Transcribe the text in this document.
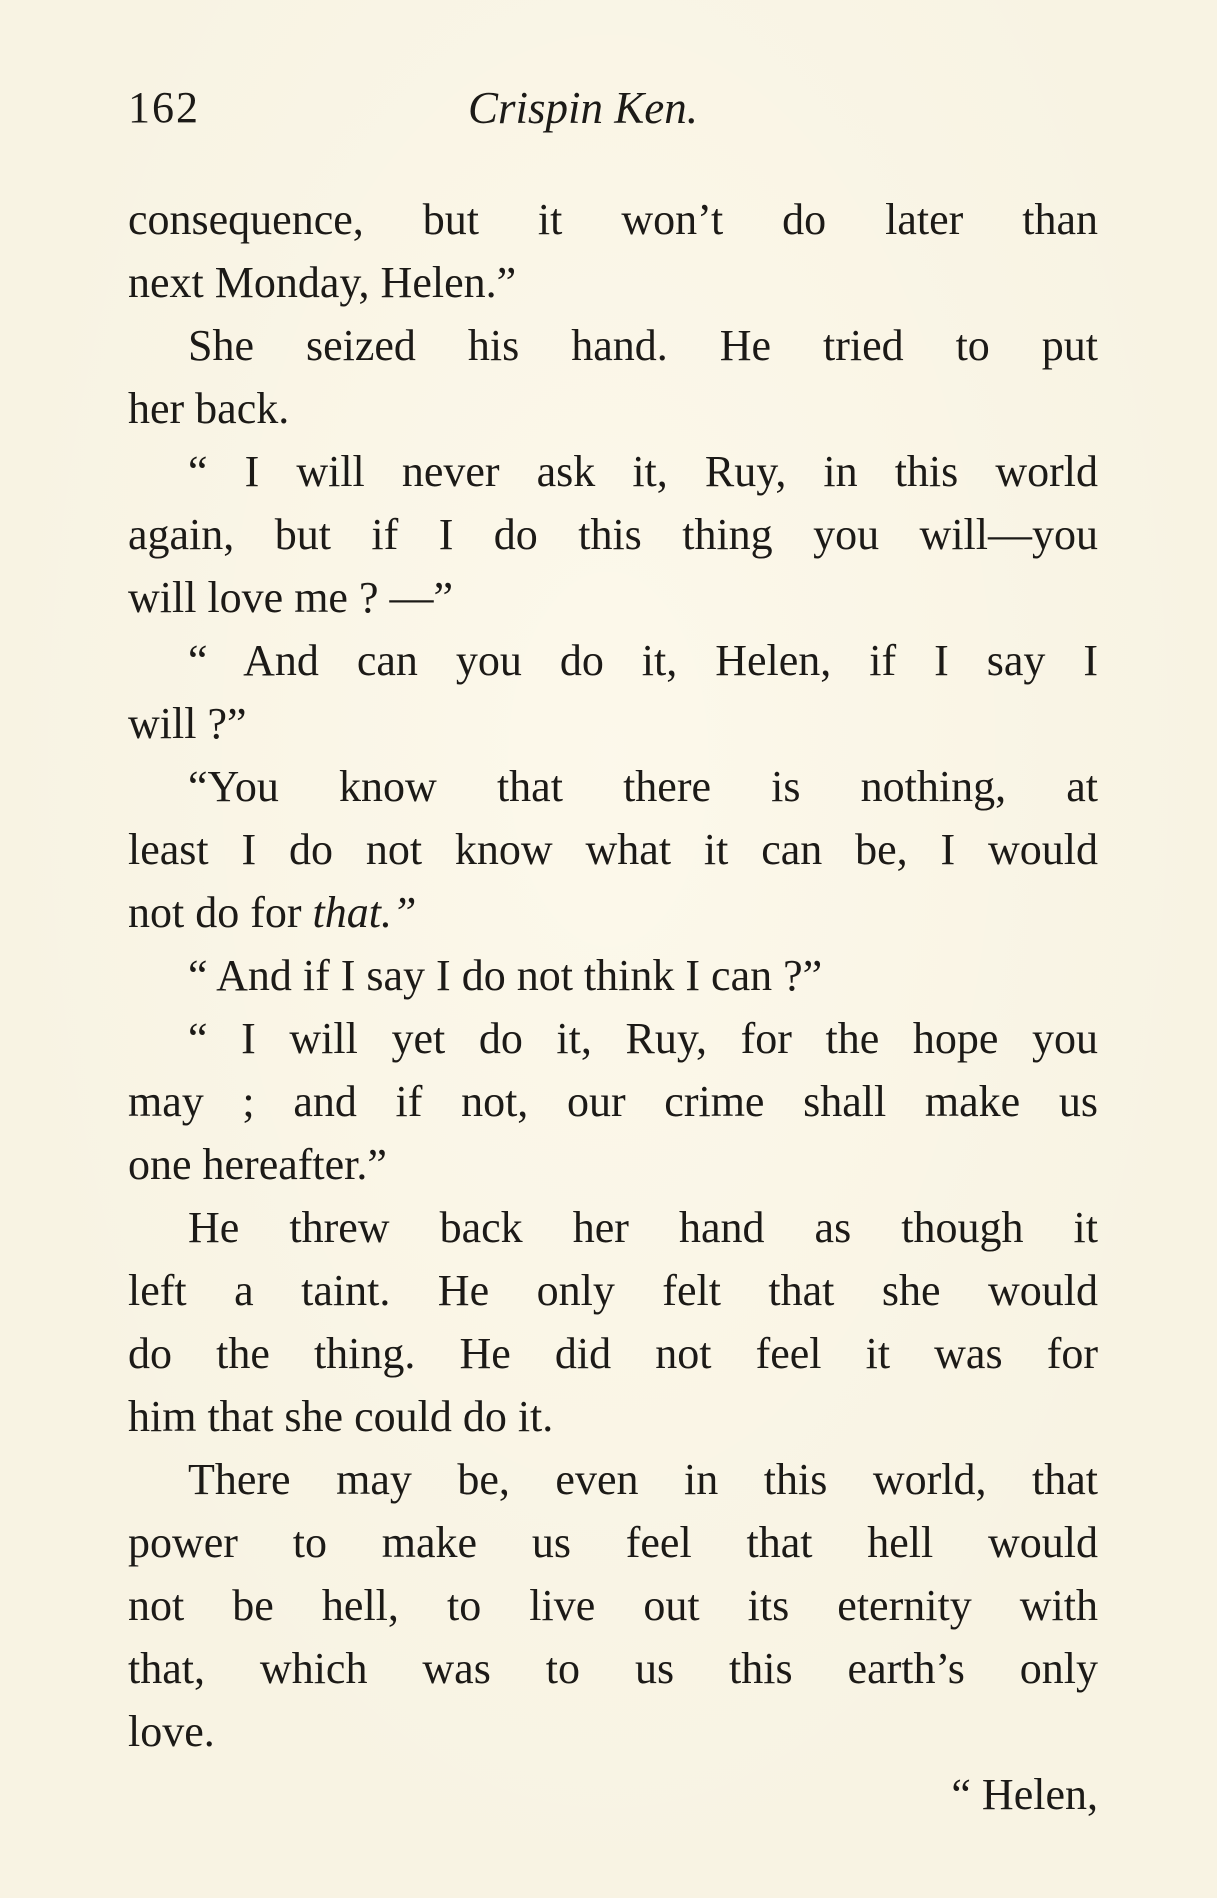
162	Crispin Ken.
consequence, but it won’t do later than
next Monday, Helen.”
She seized his hand. He tried to put
her back.
“ I will never ask it, Ruy, in this world
again, but if I do this thing you will—you
will love me ? —”
“ And can you do it, Helen, if I say I
will ?”
“You know that there is nothing, at
least I do not know what it can be, I would
not do for that.”
“ And if I say I do not think I can ?”
“ I will yet do it, Ruy, for the hope you
may ; and if not, our crime shall make us
one hereafter.”
He threw back her hand as though it
left a taint. He only felt that she would
do the thing. He did not feel it was for
him that she could do it.
There may be, even in this world, that
power to make us feel that hell would
not be hell, to live out its eternity with
that, which was to us this earth’s only
love.
“ Helen,
